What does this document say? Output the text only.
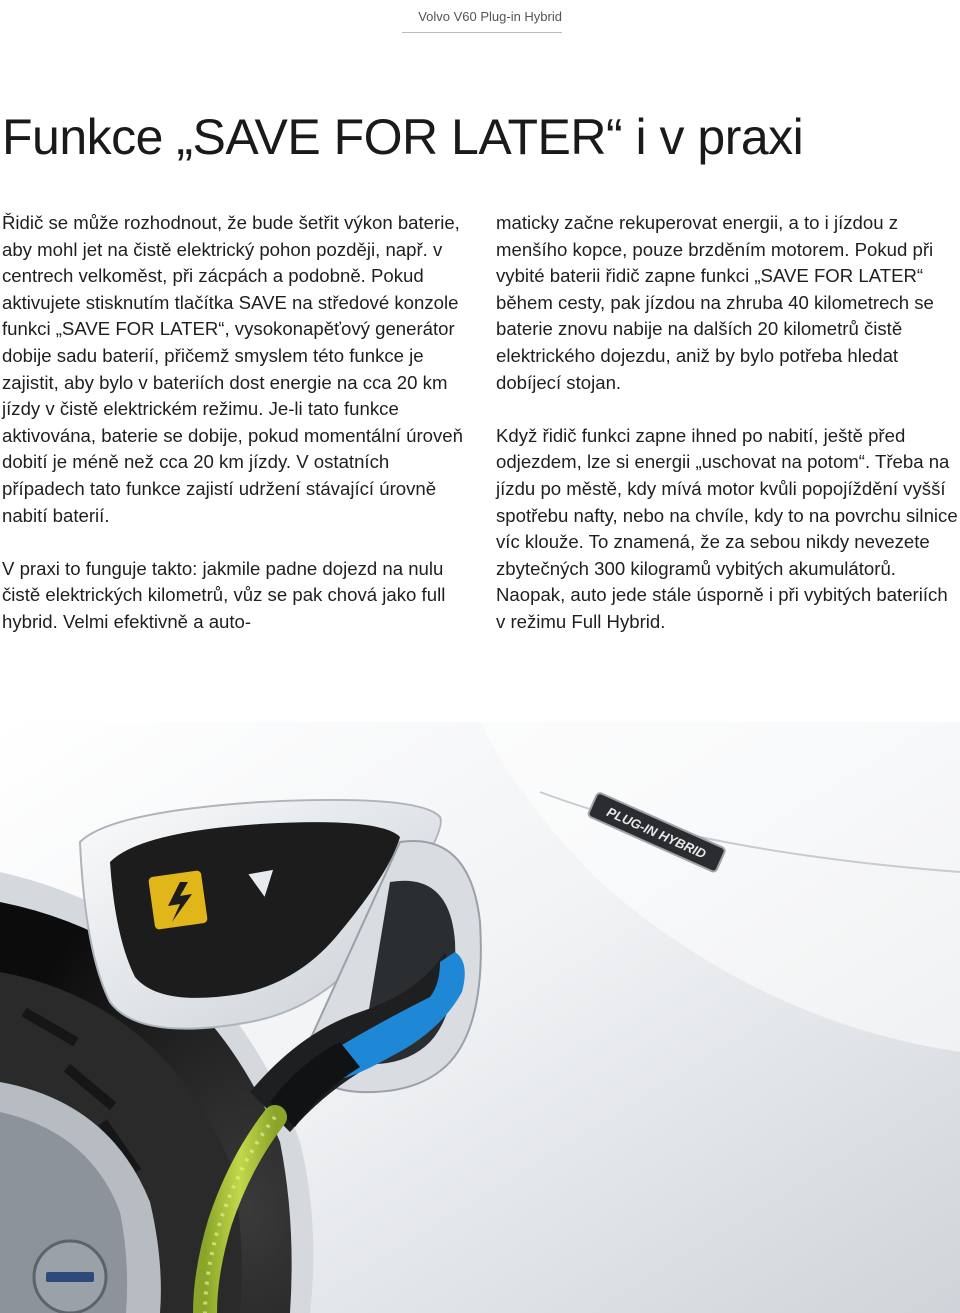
Volvo V60 Plug-in Hybrid
Funkce „SAVE FOR LATER“ i v praxi

Řidič se může rozhodnout, že bude šetřit výkon baterie, aby mohl jet na čistě elektrický pohon později, např. v centrech velkoměst, při zácpách a podobně. Pokud aktivujete stisknutím tlačítka SAVE na středové konzole funkci „SAVE FOR LATER“, vysokonapěťový generátor dobije sadu baterií, přičemž smyslem této funkce je zajistit, aby bylo v bateriích dost energie na cca 20 km jízdy v čistě elektrickém režimu. Je-li tato funkce aktivována, baterie se dobije, pokud momentální úroveň dobití je méně než cca 20 km jízdy. V ostatních případech tato funkce zajistí udržení stávající úrovně nabití baterií.

V praxi to funguje takto: jakmile padne dojezd na nulu čistě elektrických kilometrů, vůz se pak chová jako full hybrid. Velmi efektivně a auto-

maticky začne rekuperovat energii, a to i jízdou z menšího kopce, pouze brzděním motorem. Pokud při vybité baterii řidič zapne funkci „SAVE FOR LATER“ během cesty, pak jízdou na zhruba 40 kilometrech se baterie znovu nabije na dalších 20 kilometrů čistě elektrického dojezdu, aniž by bylo potřeba hledat dobíjecí stojan.

Když řidič funkci zapne ihned po nabití, ještě před odjezdem, lze si energii „uschovat na potom“. Třeba na jízdu po městě, kdy mívá motor kvůli popojíždění vyšší spotřebu nafty, nebo na chvíle, kdy to na povrchu silnice víc klouže. To znamená, že za sebou nikdy nevezete zbytečných 300 kilogramů vybitých akumulátorů. Naopak, auto jede stále úsporně i při vybitých bateriích v režimu Full Hybrid.

PLUG-IN HYBRID
